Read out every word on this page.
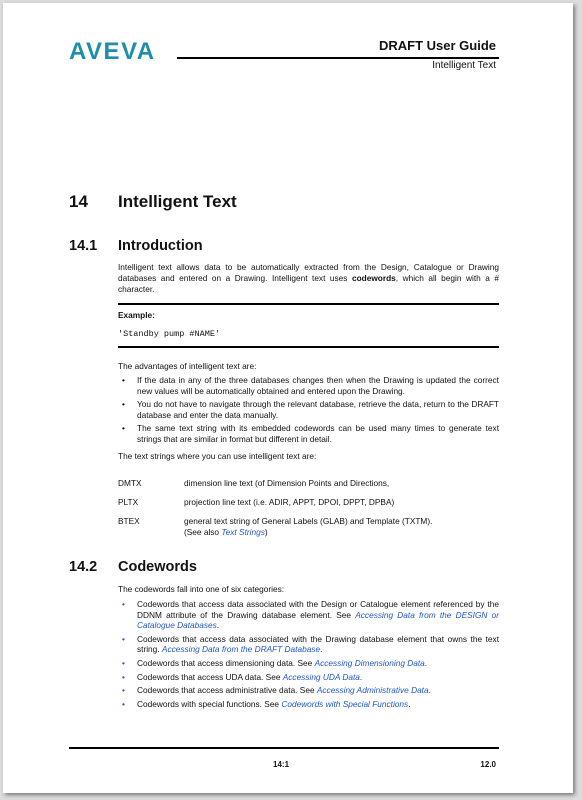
AVEVA	DRAFT User Guide
Intelligent Text
14 Intelligent Text
14.1 Introduction
Intelligent text allows data to be automatically extracted from the Design, Catalogue or Drawing databases and entered on a Drawing. Intelligent text uses codewords, which all begin with a # character.
Example:
'Standby pump #NAME'
The advantages of intelligent text are:
• If the data in any of the three databases changes then when the Drawing is updated the correct new values will be automatically obtained and entered upon the Drawing.
• You do not have to navigate through the relevant database, retrieve the data, return to the DRAFT database and enter the data manually.
• The same text string with its embedded codewords can be used many times to generate text strings that are similar in format but different in detail.
The text strings where you can use intelligent text are:
DMTX	dimension line text (of Dimension Points and Directions,
PLTX	projection line text (i.e. ADIR, APPT, DPOI, DPPT, DPBA)
BTEX	general text string of General Labels (GLAB) and Template (TXTM).
(See also Text Strings)
14.2 Codewords
The codewords fall into one of six categories:
• Codewords that access data associated with the Design or Catalogue element referenced by the DDNM attribute of the Drawing database element. See Accessing Data from the DESIGN or Catalogue Databases.
• Codewords that access data associated with the Drawing database element that owns the text string. Accessing Data from the DRAFT Database.
• Codewords that access dimensioning data. See Accessing Dimensioning Data.
• Codewords that access UDA data. See Accessing UDA Data.
• Codewords that access administrative data. See Accessing Administrative Data.
• Codewords with special functions. See Codewords with Special Functions.
14:1	12.0
